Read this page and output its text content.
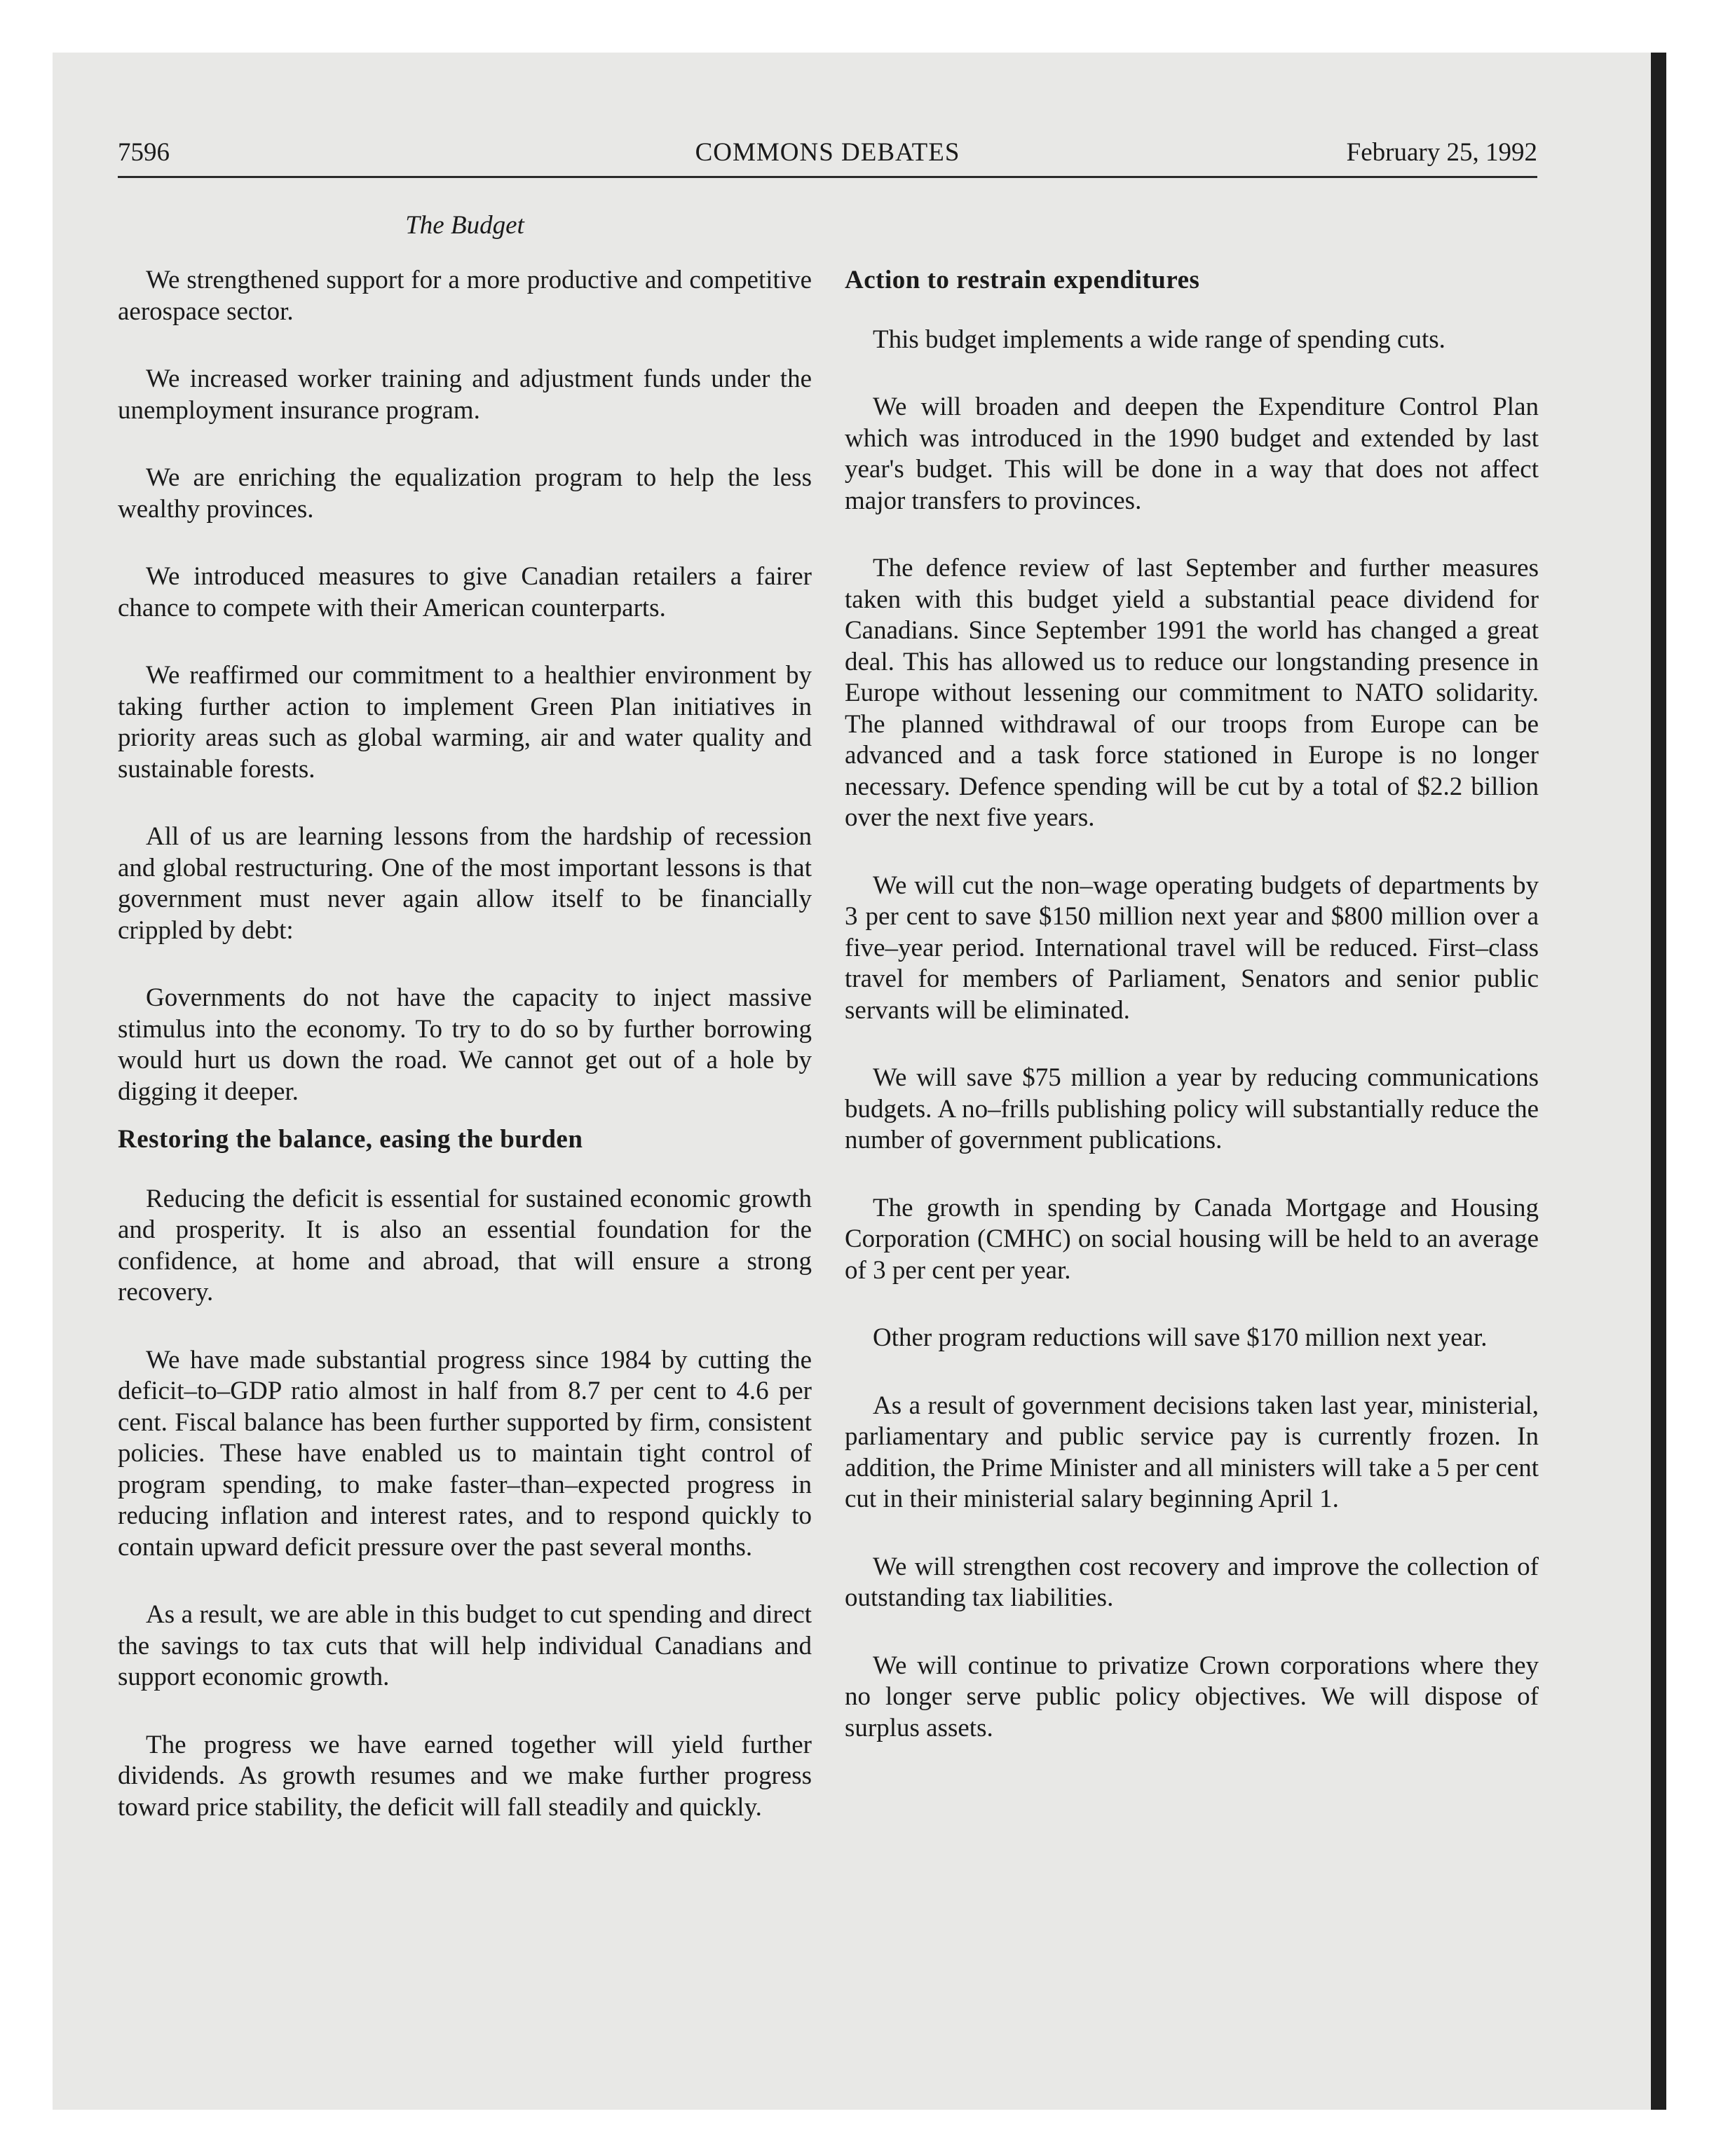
7596	COMMONS DEBATES	February 25, 1992
The Budget

We strengthened support for a more productive and competitive aerospace sector.

We increased worker training and adjustment funds under the unemployment insurance program.

We are enriching the equalization program to help the less wealthy provinces.

We introduced measures to give Canadian retailers a fairer chance to compete with their American counterparts.

We reaffirmed our commitment to a healthier environment by taking further action to implement Green Plan initiatives in priority areas such as global warming, air and water quality and sustainable forests.

All of us are learning lessons from the hardship of recession and global restructuring. One of the most important lessons is that government must never again allow itself to be financially crippled by debt:

Governments do not have the capacity to inject massive stimulus into the economy. To try to do so by further borrowing would hurt us down the road. We cannot get out of a hole by digging it deeper.

Restoring the balance, easing the burden

Reducing the deficit is essential for sustained economic growth and prosperity. It is also an essential foundation for the confidence, at home and abroad, that will ensure a strong recovery.

We have made substantial progress since 1984 by cutting the deficit–to–GDP ratio almost in half from 8.7 per cent to 4.6 per cent. Fiscal balance has been further supported by firm, consistent policies. These have enabled us to maintain tight control of program spending, to make faster–than–expected progress in reducing inflation and interest rates, and to respond quickly to contain upward deficit pressure over the past several months.

As a result, we are able in this budget to cut spending and direct the savings to tax cuts that will help individual Canadians and support economic growth.

The progress we have earned together will yield further dividends. As growth resumes and we make further progress toward price stability, the deficit will fall steadily and quickly.

Action to restrain expenditures

This budget implements a wide range of spending cuts.

We will broaden and deepen the Expenditure Control Plan which was introduced in the 1990 budget and extended by last year's budget. This will be done in a way that does not affect major transfers to provinces.

The defence review of last September and further measures taken with this budget yield a substantial peace dividend for Canadians. Since September 1991 the world has changed a great deal. This has allowed us to reduce our longstanding presence in Europe without lessening our commitment to NATO solidarity. The planned withdrawal of our troops from Europe can be advanced and a task force stationed in Europe is no longer necessary. Defence spending will be cut by a total of $2.2 billion over the next five years.

We will cut the non–wage operating budgets of departments by 3 per cent to save $150 million next year and $800 million over a five–year period. International travel will be reduced. First–class travel for members of Parliament, Senators and senior public servants will be eliminated.

We will save $75 million a year by reducing communications budgets. A no–frills publishing policy will substantially reduce the number of government publications.

The growth in spending by Canada Mortgage and Housing Corporation (CMHC) on social housing will be held to an average of 3 per cent per year.

Other program reductions will save $170 million next year.

As a result of government decisions taken last year, ministerial, parliamentary and public service pay is currently frozen. In addition, the Prime Minister and all ministers will take a 5 per cent cut in their ministerial salary beginning April 1.

We will strengthen cost recovery and improve the collection of outstanding tax liabilities.

We will continue to privatize Crown corporations where they no longer serve public policy objectives. We will dispose of surplus assets.
